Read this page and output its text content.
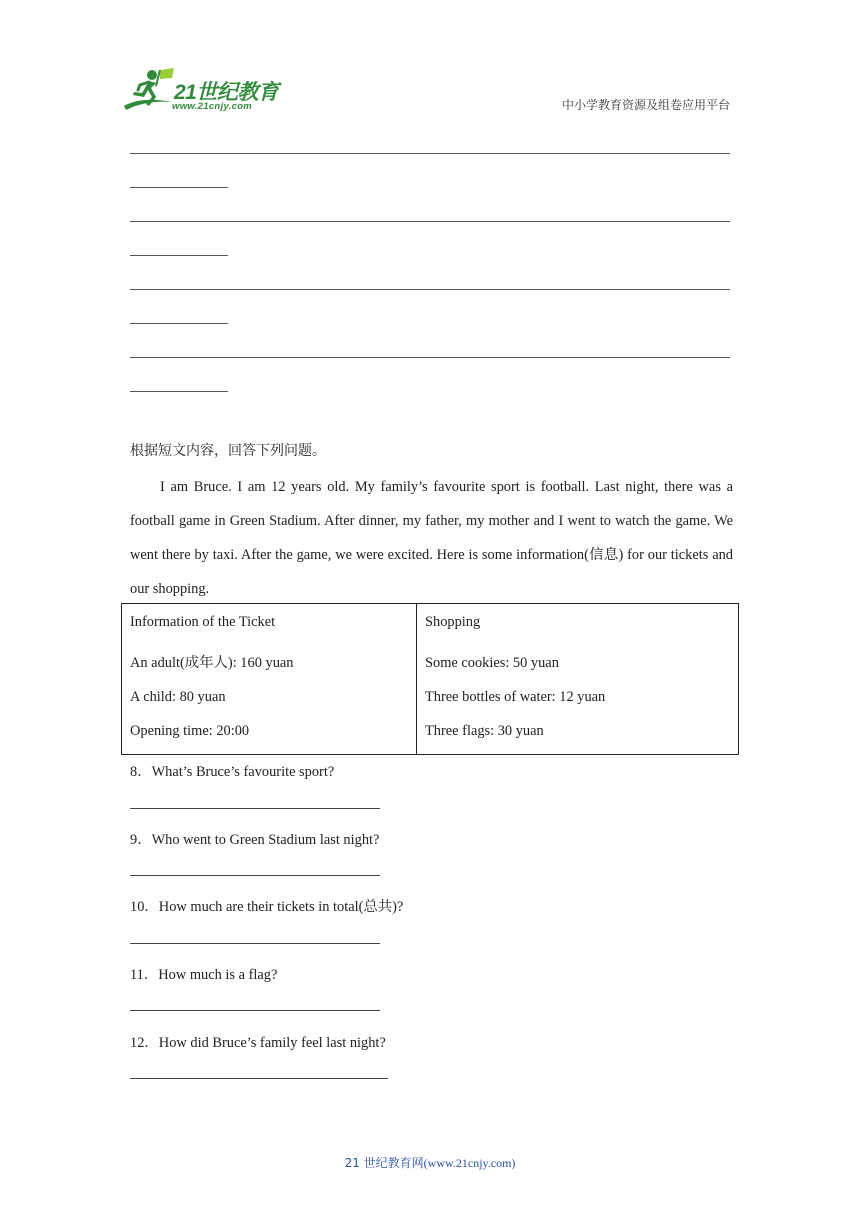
21世纪教育
www.21cnjy.com	中小学教育资源及组卷应用平台
根据短文内容，回答下列问题。

I am Bruce. I am 12 years old. My family’s favourite sport is football. Last night, there was a football game in Green Stadium. After dinner, my father, my mother and I went to watch the game. We went there by taxi. After the game, we were excited. Here is some information(信息) for our tickets and our shopping.

Information of the Ticket
An adult(成年人): 160 yuan
A child: 80 yuan
Opening time: 20:00

Shopping
Some cookies: 50 yuan
Three bottles of water: 12 yuan
Three flags: 30 yuan
8．What’s Bruce’s favourite sport?
9．Who went to Green Stadium last night?
10．How much are their tickets in total(总共)?
11．How much is a flag?
12．How did Bruce’s family feel last night?
21 世纪教育网(www.21cnjy.com)
